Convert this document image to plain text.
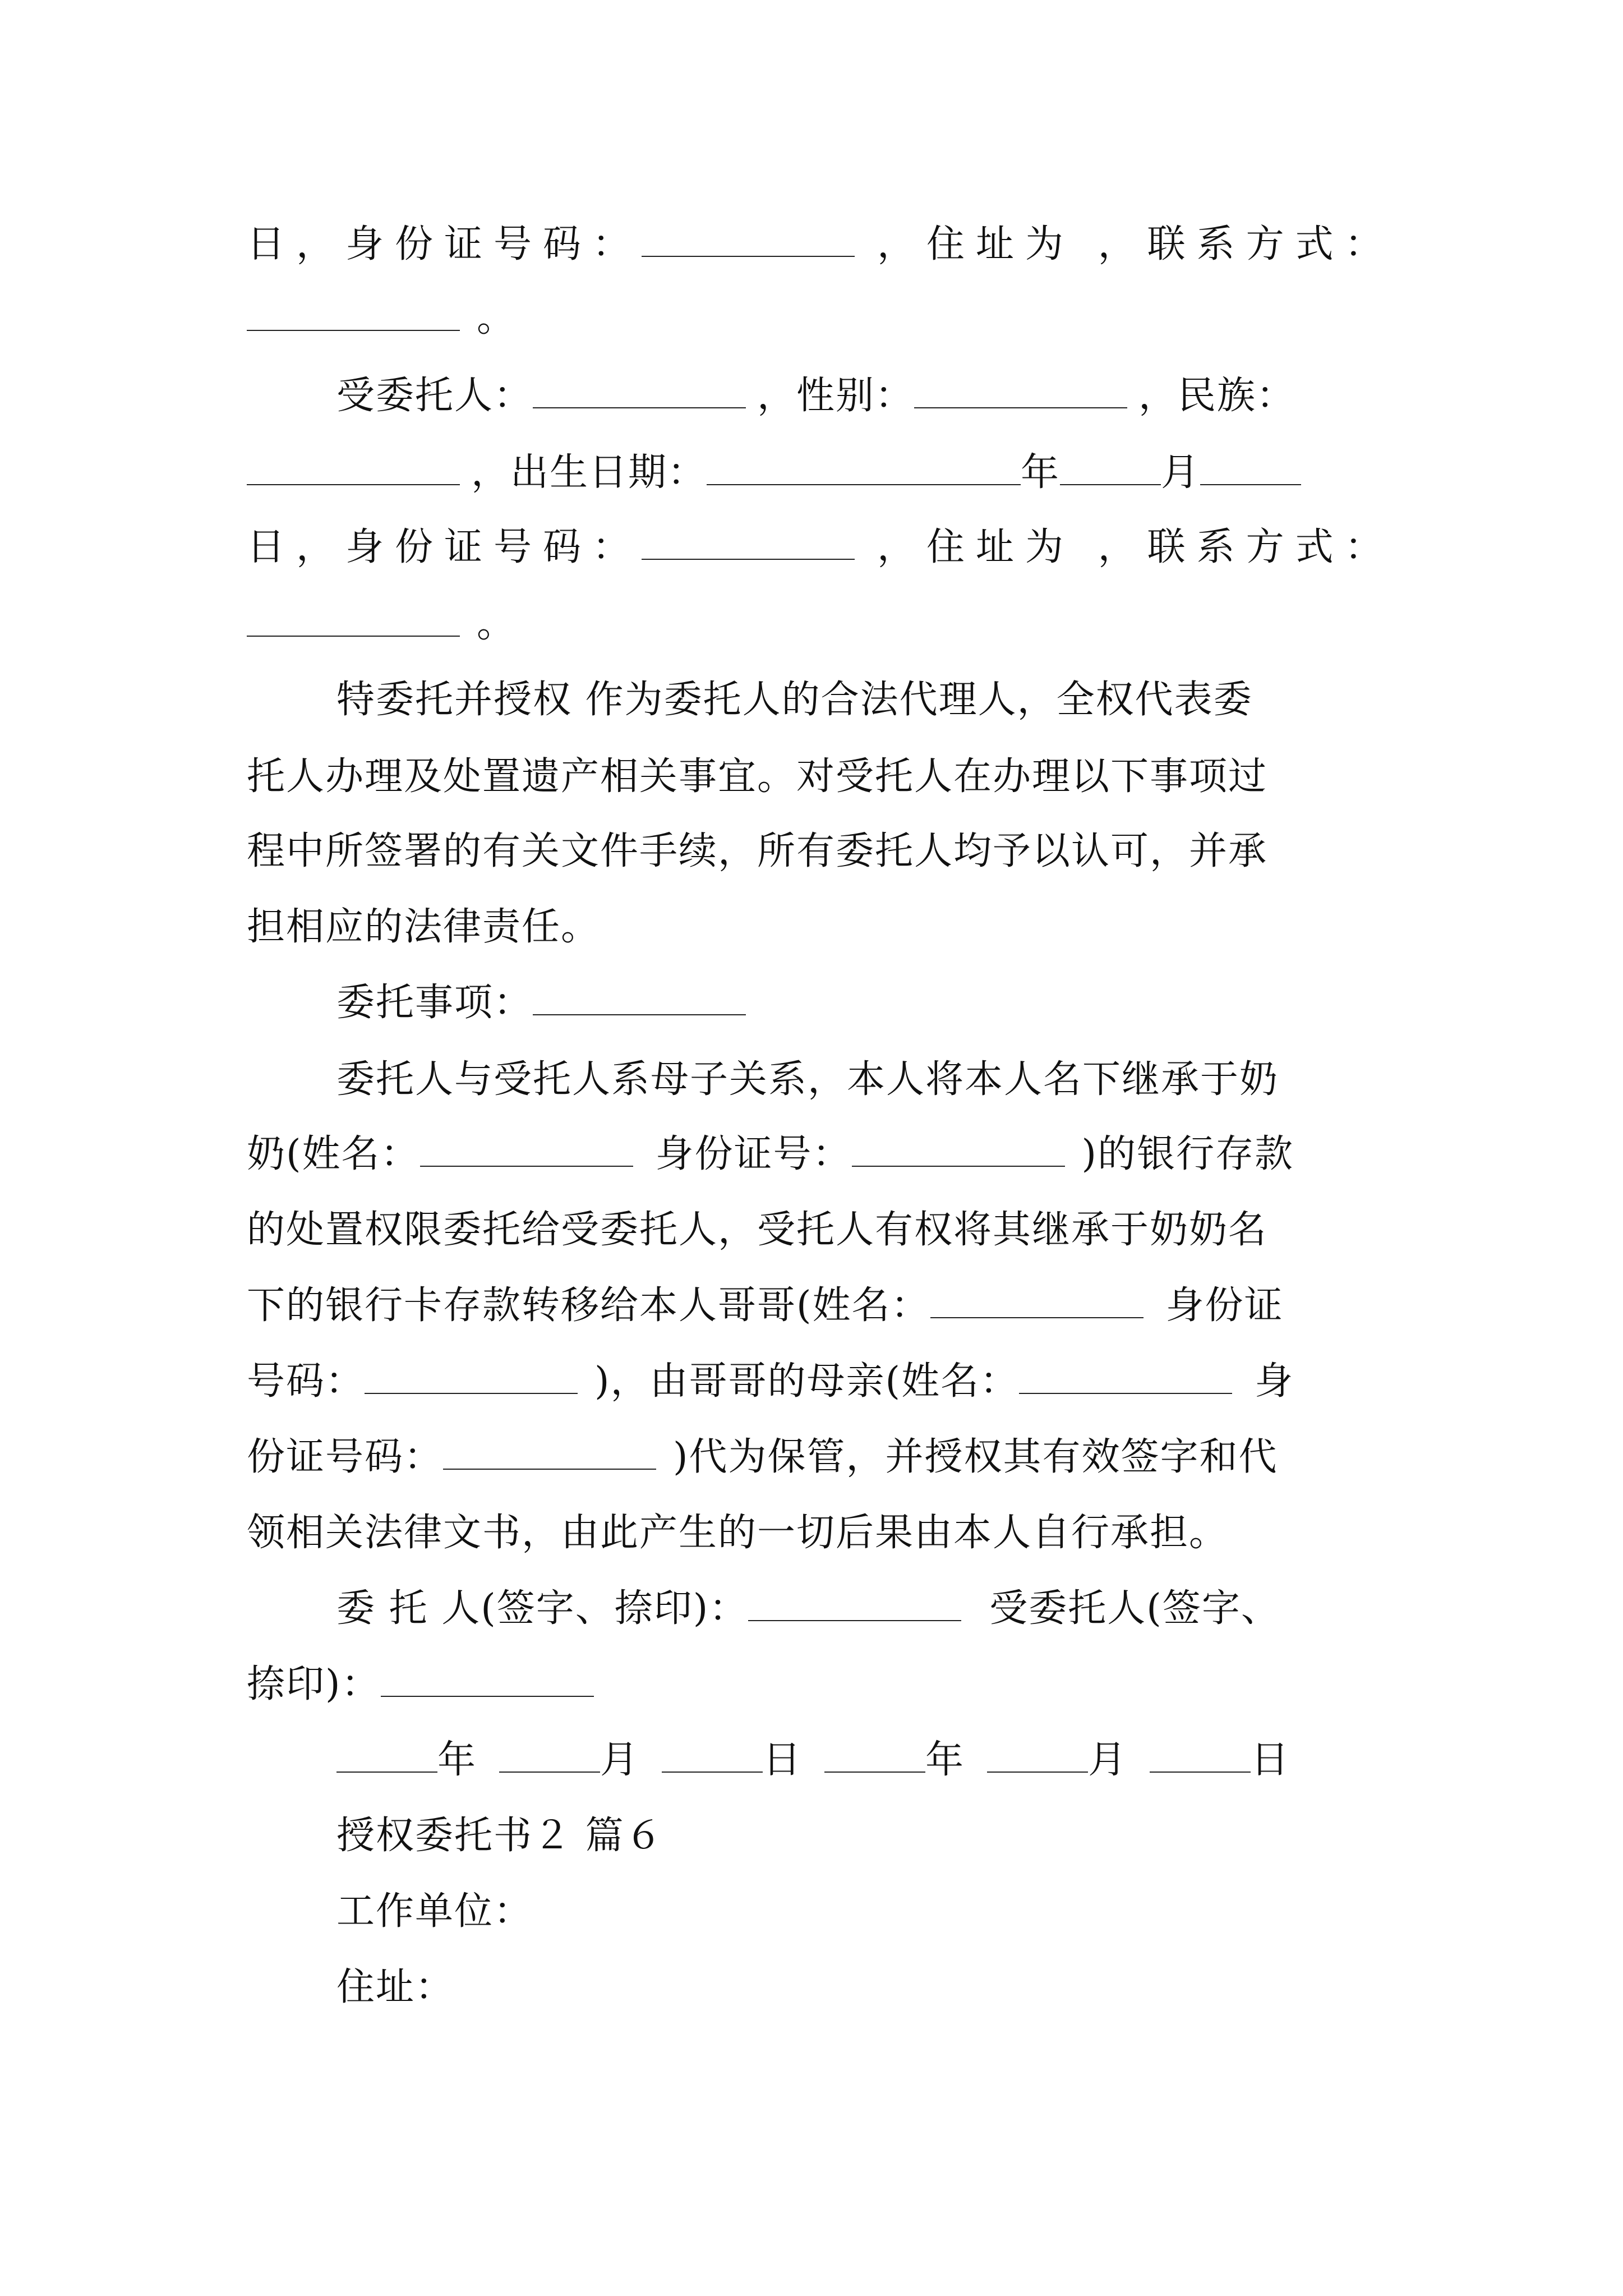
日，身份证号码：	，住址为 ，联系方式：
。
受委托人：	，性别：	，民族：
，出生日期：	年	月
日，身份证号码：	，住址为 ，联系方式：
。
特委托并授权 作为委托人的合法代理人，全权代表委
托人办理及处置遗产相关事宜。对受托人在办理以下事项过
程中所签署的有关文件手续，所有委托人均予以认可，并承
担相应的法律责任。
委托事项：
委托人与受托人系母子关系，本人将本人名下继承于奶
奶(姓名：	身份证号：	)的银行存款
的处置权限委托给受委托人，受托人有权将其继承于奶奶名
下的银行卡存款转移给本人哥哥(姓名：	身份证
号码：	)，由哥哥的母亲(姓名：	身
份证号码：	)代为保管，并授权其有效签字和代
领相关法律文书，由此产生的一切后果由本人自行承担。
委 托 人(签字、捺印)：	受委托人(签字、
捺印)：
年	月	日	年	月	日
授权委托书２ 篇６
工作单位：
住址：
